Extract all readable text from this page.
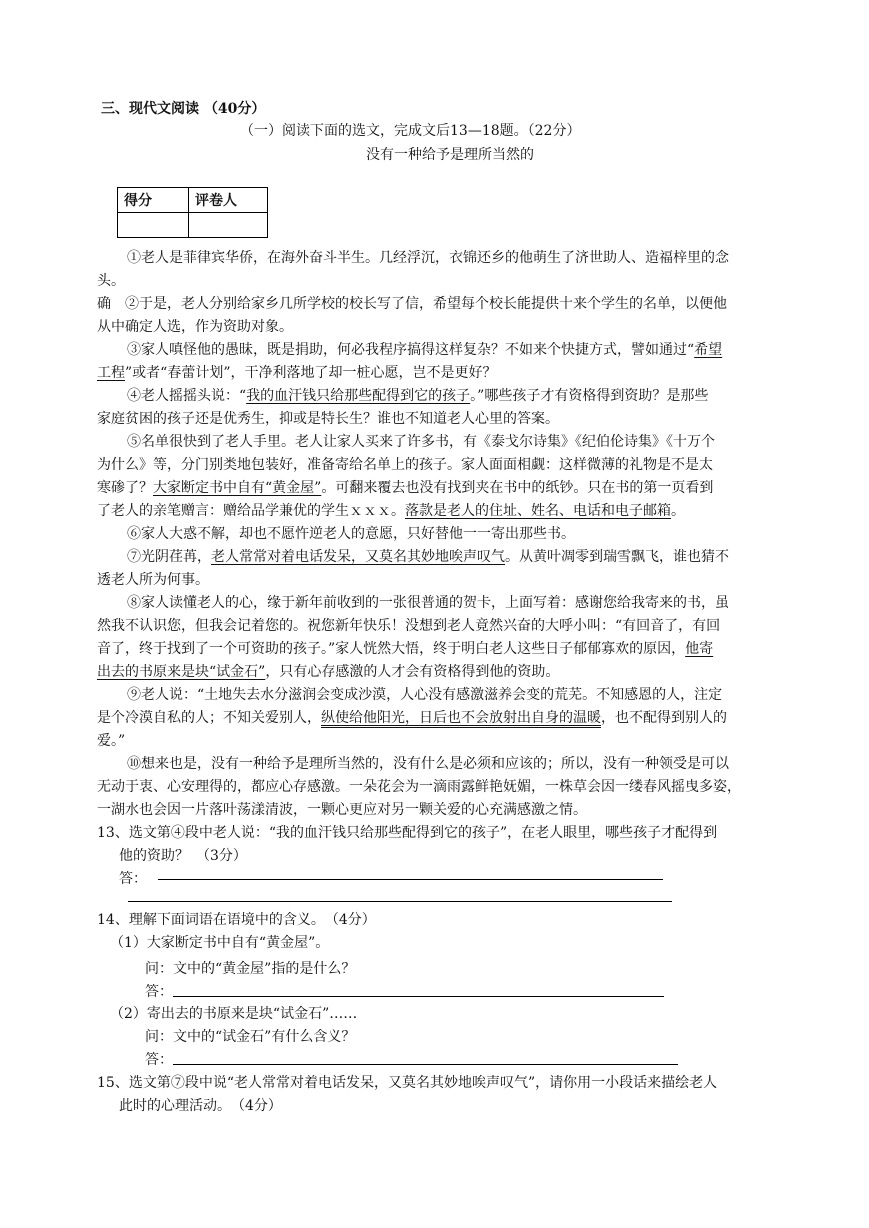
三、现代文阅读 （40分）
（一）阅读下面的选文，完成文后13—18题。（22分）
没有一种给予是理所当然的
得分	评卷人

①老人是菲律宾华侨，在海外奋斗半生。几经浮沉，衣锦还乡的他萌生了济世助人、造福梓里的念
头。
确　②于是，老人分别给家乡几所学校的校长写了信，希望每个校长能提供十来个学生的名单，以便他
从中确定人选，作为资助对象。
③家人嗔怪他的愚昧，既是捐助，何必我程序搞得这样复杂？不如来个快捷方式，譬如通过“希望
工程”或者“春蕾计划”，干净利落地了却一桩心愿，岂不是更好？
④老人摇摇头说：“我的血汗钱只给那些配得到它的孩子。”哪些孩子才有资格得到资助？是那些
家庭贫困的孩子还是优秀生，抑或是特长生？谁也不知道老人心里的答案。
⑤名单很快到了老人手里。老人让家人买来了许多书，有《泰戈尔诗集》《纪伯伦诗集》《十万个
为什么》等，分门别类地包装好，准备寄给名单上的孩子。家人面面相觑：这样微薄的礼物是不是太
寒碜了？大家断定书中自有“黄金屋”。可翻来覆去也没有找到夹在书中的纸钞。只在书的第一页看到
了老人的亲笔赠言：赠给品学兼优的学生ｘｘｘ。落款是老人的住址、姓名、电话和电子邮箱。
⑥家人大惑不解，却也不愿忤逆老人的意愿，只好替他一一寄出那些书。
⑦光阴荏苒，老人常常对着电话发呆，又莫名其妙地唉声叹气。从黄叶凋零到瑞雪飘飞，谁也猜不
透老人所为何事。
⑧家人读懂老人的心，缘于新年前收到的一张很普通的贺卡，上面写着：感谢您给我寄来的书，虽
然我不认识您，但我会记着您的。祝您新年快乐！没想到老人竟然兴奋的大呼小叫：“有回音了，有回
音了，终于找到了一个可资助的孩子。”家人恍然大悟，终于明白老人这些日子郁郁寡欢的原因，他寄
出去的书原来是块“试金石”，只有心存感激的人才会有资格得到他的资助。
⑨老人说：“土地失去水分滋润会变成沙漠，人心没有感激滋养会变的荒芜。不知感恩的人，注定
是个冷漠自私的人；不知关爱别人，纵使给他阳光，日后也不会放射出自身的温暖，也不配得到别人的
爱。”
⑩想来也是，没有一种给予是理所当然的，没有什么是必须和应该的；所以，没有一种领受是可以
无动于衷、心安理得的，都应心存感激。一朵花会为一滴雨露鲜艳妩媚，一株草会因一缕春风摇曳多姿，
一湖水也会因一片落叶荡漾清波，一颗心更应对另一颗关爱的心充满感激之情。
13、选文第④段中老人说：“我的血汗钱只给那些配得到它的孩子”，在老人眼里，哪些孩子才配得到
他的资助？　（3分）
答：
14、理解下面词语在语境中的含义。　（4分）
（1）大家断定书中自有“黄金屋”。
问：文中的“黄金屋”指的是什么？
答：
（2）寄出去的书原来是块“试金石”……
问：文中的“试金石”有什么含义？
答：
15、选文第⑦段中说“老人常常对着电话发呆，又莫名其妙地唉声叹气”，请你用一小段话来描绘老人
此时的心理活动。　（4分）
